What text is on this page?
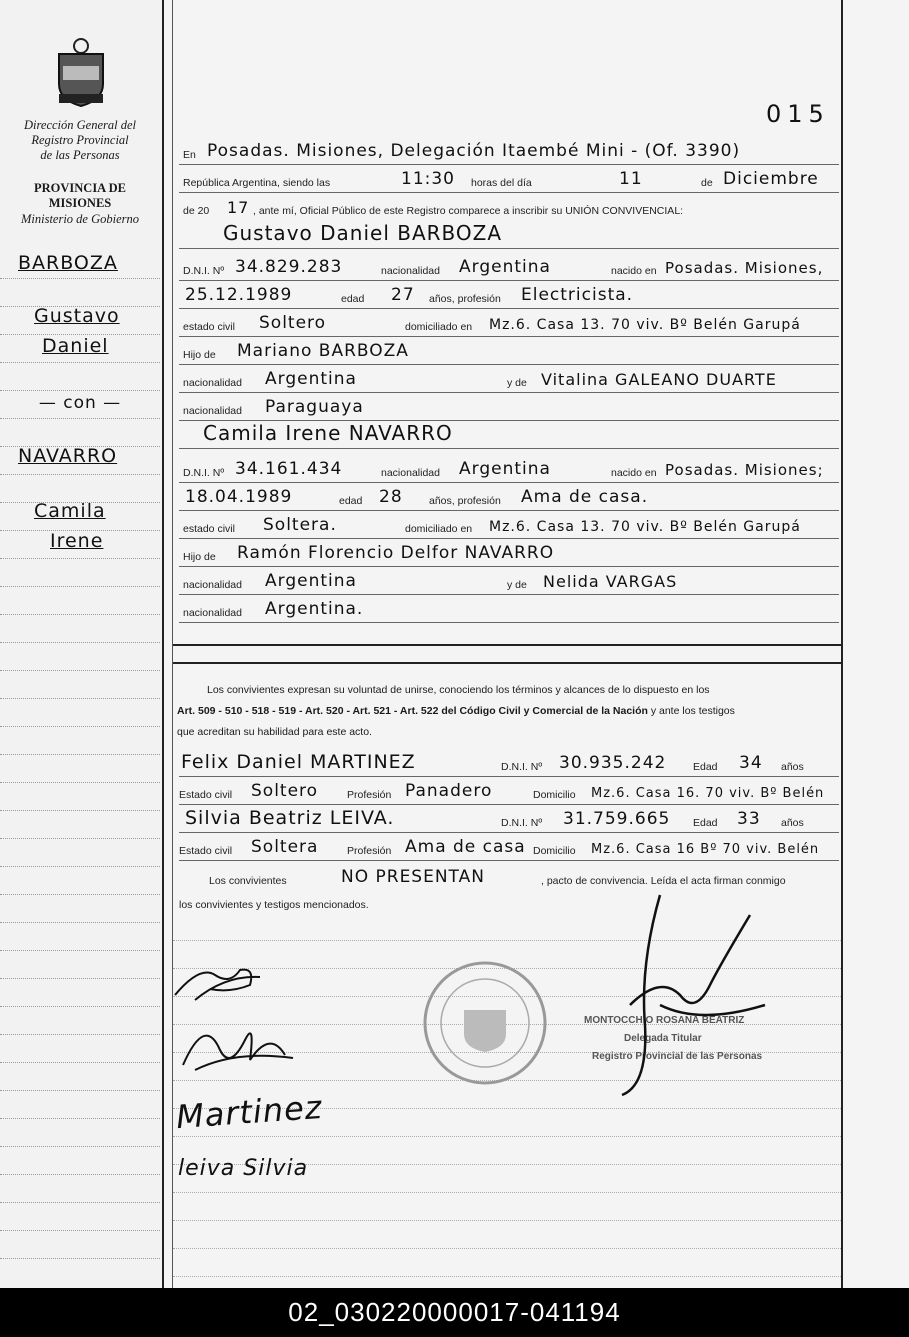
Dirección General del
Registro Provincial
de las Personas
PROVINCIA DE
MISIONES
Ministerio de Gobierno
BARBOZA
Gustavo
Daniel
— con —
NAVARRO
Camila
Irene
015
En Posadas. Misiones, Delegación Itaembé Mini - (Of. 3390)
República Argentina, siendo las	11:30 horas del día	11	de Diciembre
de 20 17 , ante mí, Oficial Público de este Registro comparece a inscribir su UNIÓN CONVIVENCIAL:
Gustavo Daniel BARBOZA
D.N.I. Nº 34.829.283	nacionalidad Argentina	nacido en Posadas. Misiones,
25.12.1989	edad 27 años, profesión Electricista.
estado civil Soltero	domiciliado en Mz.6. Casa 13. 70 viv. Bº Belén Garupá
Hijo de Mariano BARBOZA
nacionalidad Argentina	y de Vitalina GALEANO DUARTE
nacionalidad Paraguaya
Camila Irene NAVARRO
D.N.I. Nº 34.161.434	nacionalidad Argentina	nacido en Posadas. Misiones;
18.04.1989	edad 28	años, profesión Ama de casa.
estado civil Soltera.	domiciliado en Mz.6. Casa 13. 70 viv. Bº Belén Garupá
Hijo de Ramón Florencio Delfor NAVARRO
nacionalidad Argentina	y de Nelida VARGAS
nacionalidad Argentina.
Los convivientes expresan su voluntad de unirse, conociendo los términos y alcances de lo dispuesto en los
Art. 509 - 510 - 518 - 519 - Art. 520 - Art. 521 - Art. 522 del Código Civil y Comercial de la Nación y ante los testigos
que acreditan su habilidad para este acto.
Felix Daniel MARTINEZ	D.N.I. Nº 30.935.242	Edad 34 años
Estado civil Soltero	Profesión Panadero	Domicilio Mz.6. Casa 16. 70 viv. Bº Belén
Silvia Beatriz LEIVA.	D.N.I. Nº 31.759.665 Edad 33 años
Estado civil Soltera	Profesión Ama de casa Domicilio Mz.6. Casa 16 Bº 70 viv. Belén
Los convivientes	NO PRESENTAN	, pacto de convivencia. Leída el acta firman conmigo
los convivientes y testigos mencionados.
Martinez
leiva Silvia
MONTOCCHIO ROSANA BEATRIZ
Delegada Titular
Registro Provincial de las Personas
02_030220000017-041194
